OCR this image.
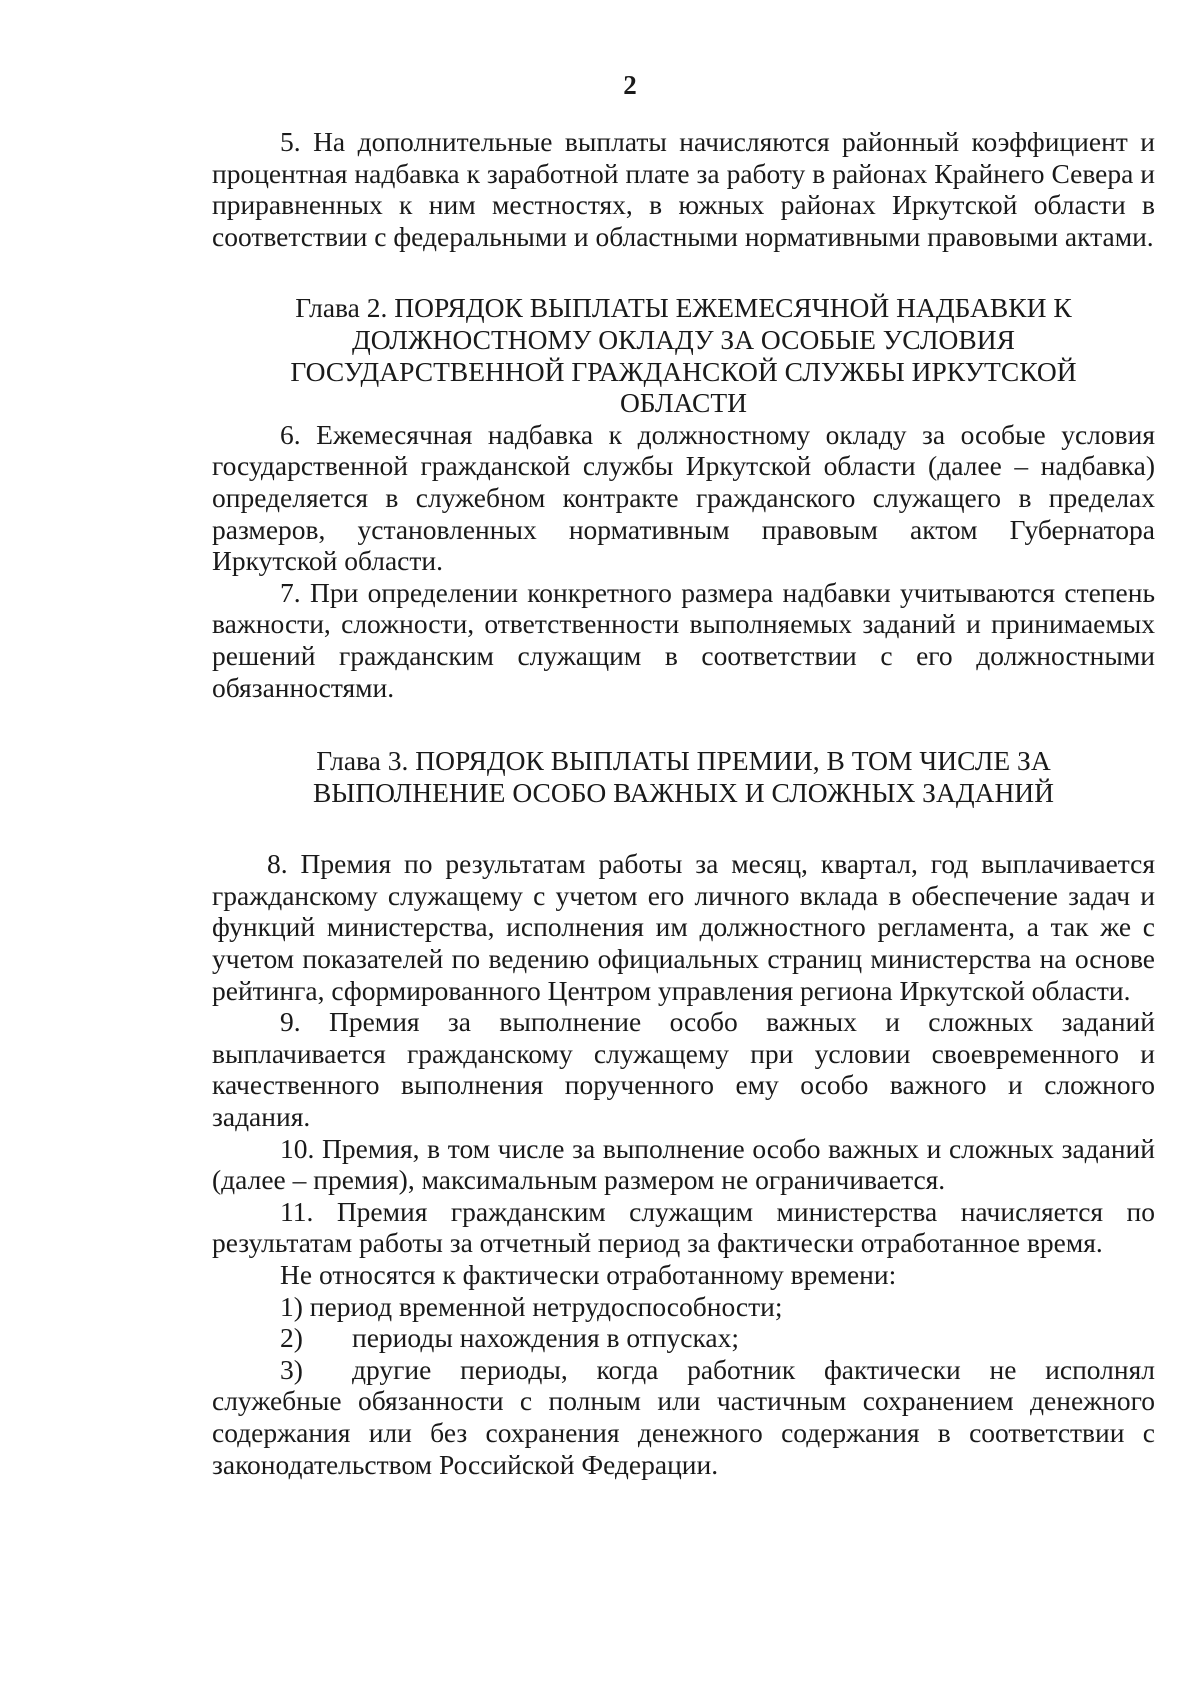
2

5. На дополнительные выплаты начисляются районный коэффициент и процентная надбавка к заработной плате за работу в районах Крайнего Севера и приравненных к ним местностях, в южных районах Иркутской области в соответствии с федеральными и областными нормативными правовыми актами.

Глава 2. ПОРЯДОК ВЫПЛАТЫ ЕЖЕМЕСЯЧНОЙ НАДБАВКИ К
ДОЛЖНОСТНОМУ ОКЛАДУ ЗА ОСОБЫЕ УСЛОВИЯ
ГОСУДАРСТВЕННОЙ ГРАЖДАНСКОЙ СЛУЖБЫ ИРКУТСКОЙ
ОБЛАСТИ

6. Ежемесячная надбавка к должностному окладу за особые условия государственной гражданской службы Иркутской области (далее – надбавка) определяется в служебном контракте гражданского служащего в пределах размеров, установленных нормативным правовым актом Губернатора Иркутской области.

7. При определении конкретного размера надбавки учитываются степень важности, сложности, ответственности выполняемых заданий и принимаемых решений гражданским служащим в соответствии с его должностными обязанностями.

Глава 3. ПОРЯДОК ВЫПЛАТЫ ПРЕМИИ, В ТОМ ЧИСЛЕ ЗА
ВЫПОЛНЕНИЕ ОСОБО ВАЖНЫХ И СЛОЖНЫХ ЗАДАНИЙ

8. Премия по результатам работы за месяц, квартал, год выплачивается гражданскому служащему с учетом его личного вклада в обеспечение задач и функций министерства, исполнения им должностного регламента, а так же с учетом показателей по ведению официальных страниц министерства на основе рейтинга, сформированного Центром управления региона Иркутской области.

9. Премия за выполнение особо важных и сложных заданий выплачивается гражданскому служащему при условии своевременного и качественного выполнения порученного ему особо важного и сложного задания.

10. Премия, в том числе за выполнение особо важных и сложных заданий (далее – премия), максимальным размером не ограничивается.

11. Премия гражданским служащим министерства начисляется по результатам работы за отчетный период за фактически отработанное время.

Не относятся к фактически отработанному времени:

1) период временной нетрудоспособности;

2) периоды нахождения в отпусках;

3) другие периоды, когда работник фактически не исполнял служебные обязанности с полным или частичным сохранением денежного содержания или без сохранения денежного содержания в соответствии с законодательством Российской Федерации.
